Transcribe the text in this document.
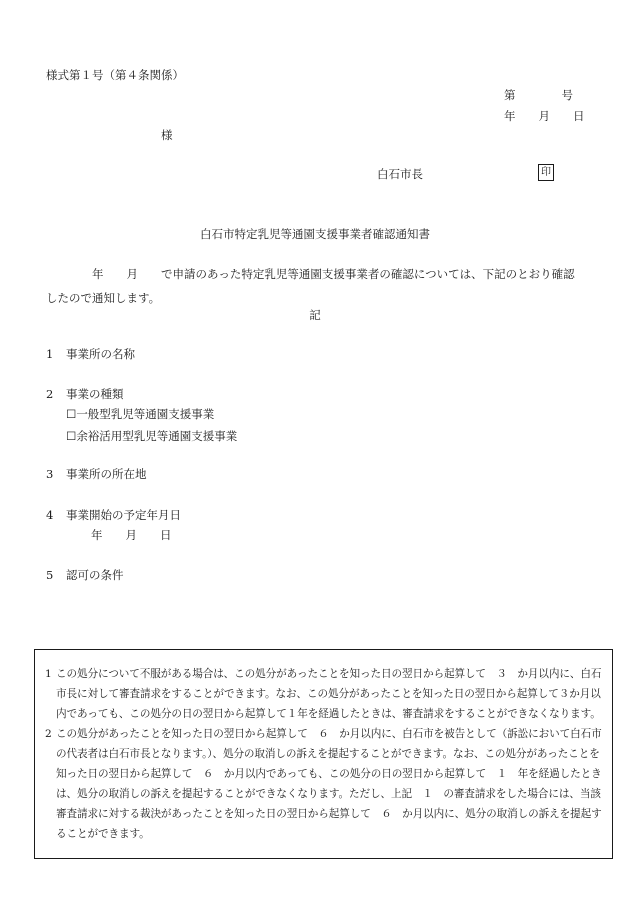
様式第１号（第４条関係）
第　　　　号
年　　月　　日
様
白石市長	印
白石市特定乳児等通園支援事業者確認通知書
年　　月　　で申請のあった特定乳児等通園支援事業者の確認については、下記のとおり確認
したので通知します。
記
1 事業所の名称
2 事業の種類
☐一般型乳児等通園支援事業
☐余裕活用型乳児等通園支援事業
3 事業所の所在地
4 事業開始の予定年月日
年　　月　　日
5 認可の条件
1 この処分について不服がある場合は、この処分があったことを知った日の翌日から起算して　３　か月以内に、白石市長に対して審査請求をすることができます。なお、この処分があったことを知った日の翌日から起算して３か月以内であっても、この処分の日の翌日から起算して１年を経過したときは、審査請求をすることができなくなります。
2 この処分があったことを知った日の翌日から起算して　６　か月以内に、白石市を被告として（訴訟において白石市の代表者は白石市長となります。）、処分の取消しの訴えを提起することができます。なお、この処分があったことを知った日の翌日から起算して　６　か月以内であっても、この処分の日の翌日から起算して　１　年を経過したときは、処分の取消しの訴えを提起することができなくなります。ただし、上記　１　の審査請求をした場合には、当該審査請求に対する裁決があったことを知った日の翌日から起算して　６　か月以内に、処分の取消しの訴えを提起することができます。
